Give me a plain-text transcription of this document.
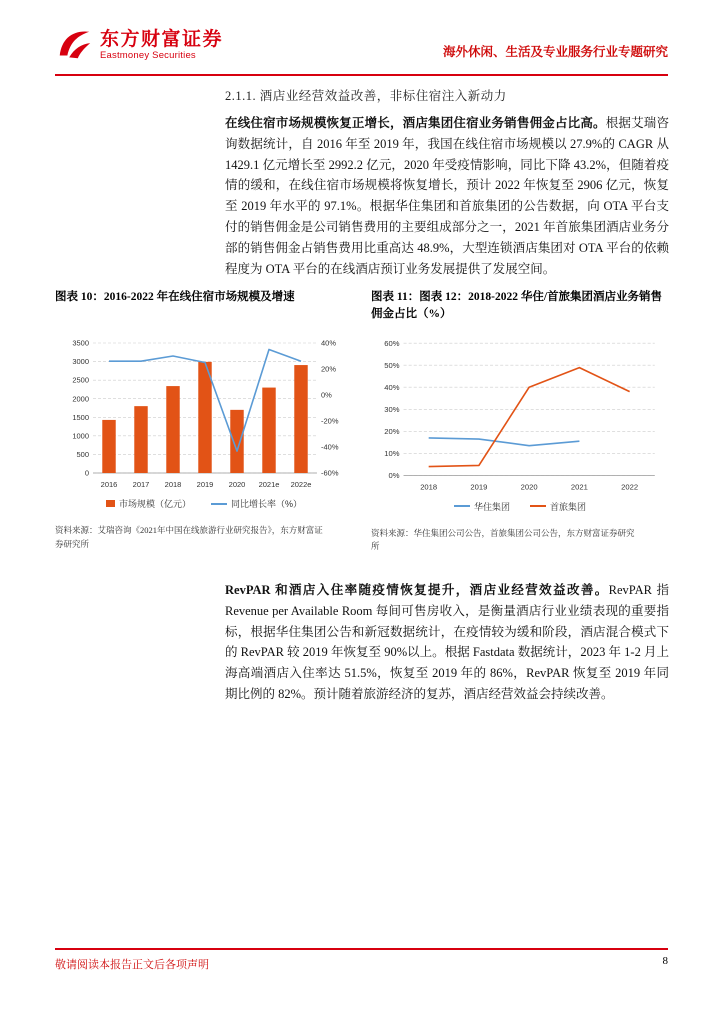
东方财富证券
Eastmoney Securities	海外休闲、生活及专业服务行业专题研究
2.1.1. 酒店业经营效益改善，非标住宿注入新动力

在线住宿市场规模恢复正增长，酒店集团住宿业务销售佣金占比高。根据艾瑞咨询数据统计，自 2016 年至 2019 年，我国在线住宿市场规模以 27.9%的 CAGR 从 1429.1 亿元增长至 2992.2 亿元，2020 年受疫情影响，同比下降 43.2%，但随着疫情的缓和，在线住宿市场规模将恢复增长，预计 2022 年恢复至 2906 亿元，恢复至 2019 年水平的 97.1%。根据华住集团和首旅集团的公告数据，向 OTA 平台支付的销售佣金是公司销售费用的主要组成部分之一，2021 年首旅集团酒店业务分部的销售佣金占销售费用比重高达 48.9%，大型连锁酒店集团对 OTA 平台的依赖程度为 OTA 平台的在线酒店预订业务发展提供了发展空间。

图表 10：2016-2022 年在线住宿市场规模及增速
0
500
1000
1500
2000
2500
3000
3500	40%
20%
0%
-20%
-40%
-60%
2016 2017 2018 2019 2020 2021e 2022e
市场规模（亿元）	同比增长率（%）
资料来源：艾瑞咨询《2021年中国在线旅游行业研究报告》，东方财富证券研究所
图表 11：图表 12：2018-2022 华住/首旅集团酒店业务销售佣金占比（%）
0%
10%
20%
30%
40%
50%
60%
2018	2019	2020	2021	2022
华住集团	首旅集团
资料来源：华住集团公司公告，首旅集团公司公告，东方财富证券研究所

RevPAR 和酒店入住率随疫情恢复提升，酒店业经营效益改善。RevPAR 指 Revenue per Available Room 每间可售房收入，是衡量酒店行业业绩表现的重要指标，根据华住集团公告和新冠数据统计，在疫情较为缓和阶段，酒店混合模式下的 RevPAR 较 2019 年恢复至 90%以上。根据 Fastdata 数据统计，2023 年 1-2 月上海高端酒店入住率达 51.5%，恢复至 2019 年的 86%，RevPAR 恢复至 2019 年同期比例的 82%。预计随着旅游经济的复苏，酒店经营效益会持续改善。

敬请阅读本报告正文后各项声明	8
